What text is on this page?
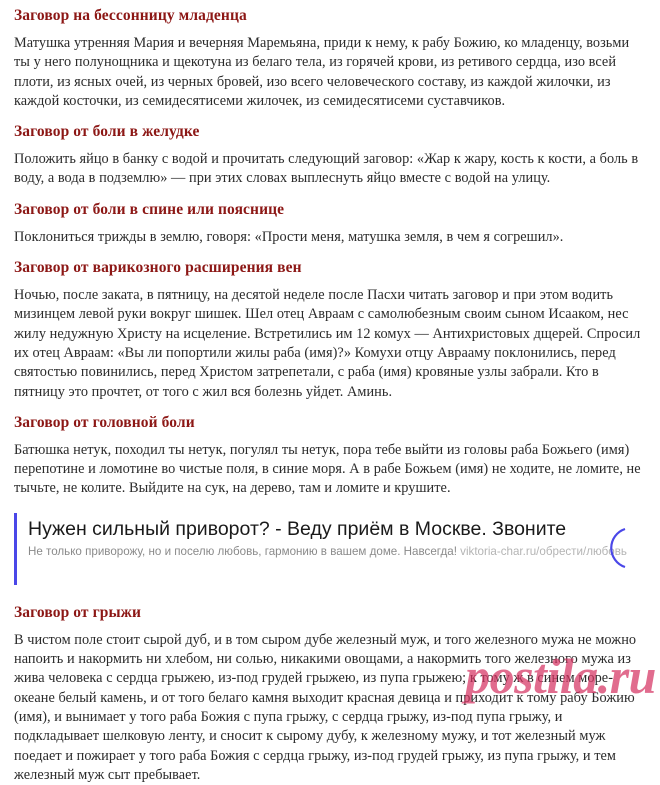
Заговор на бессонницу младенца

Матушка утренняя Мария и вечерняя Маремьяна, приди к нему, к рабу Божию, ко младенцу, возьми ты у него полунощника и щекотуна из белаго тела, из горячей крови, из ретивого сердца, изо всей плоти, из ясных очей, из черных бровей, изо всего человеческого составу, из каждой жилочки, из каждой косточки, из семидесятисеми жилочек, из семидесятисеми суставчиков.

Заговор от боли в желудке

Положить яйцо в банку с водой и прочитать следующий заговор: «Жар к жару, кость к кости, а боль в воду, а вода в подземлю» — при этих словах выплеснуть яйцо вместе с водой на улицу.

Заговор от боли в спине или пояснице

Поклониться трижды в землю, говоря: «Прости меня, матушка земля, в чем я согрешил».

Заговор от варикозного расширения вен

Ночью, после заката, в пятницу, на десятой неделе после Пасхи читать заговор и при этом водить мизинцем левой руки вокруг шишек. Шел отец Авраам с самолюбезным своим сыном Исааком, нес жилу недужную Христу на исцеление. Встретились им 12 комух — Антихристовых дщерей. Спросил их отец Авраам: «Вы ли попортили жилы раба (имя)?» Комухи отцу Аврааму поклонились, перед святостью повинились, перед Христом затрепетали, с раба (имя) кровяные узлы забрали. Кто в пятницу это прочтет, от того с жил вся болезнь уйдет. Аминь.

Заговор от головной боли

Батюшка нетук, походил ты нетук, погулял ты нетук, пора тебе выйти из головы раба Божьего (имя) перепотине и ломотине во чистые поля, в синие моря. А в рабе Божьем (имя) не ходите, не ломите, не тычьте, не колите. Выйдите на сук, на дерево, там и ломите и крушите.

Нужен сильный приворот? - Веду приём в Москве. Звоните
Не только приворожу, но и поселю любовь, гармонию в вашем доме. Навсегда! viktoria-char.ru/обрести/любовь
Заговор от грыжи

В чистом поле стоит сырой дуб, и в том сыром дубе железный муж, и того железного мужа не можно напоить и накормить ни хлебом, ни солью, никакими овощами, а накормить того железного мужа из жива человека с сердца грыжею, из-под грудей грыжею, из пупа грыжею; к тому ж в синем море-океане белый камень, и от того белаго камня выходит красная девица и приходит к тому рабу Божию (имя), и вынимает у того раба Божия с пупа грыжу, с сердца грыжу, из-под пупа грыжу, и подкладывает шелковую ленту, и сносит к сырому дубу, к железному мужу, и тот железный муж поедает и пожирает у того раба Божия с сердца грыжу, из-под грудей грыжу, из пупа грыжу, и тем железный муж сыт пребывает.

postila.ru
